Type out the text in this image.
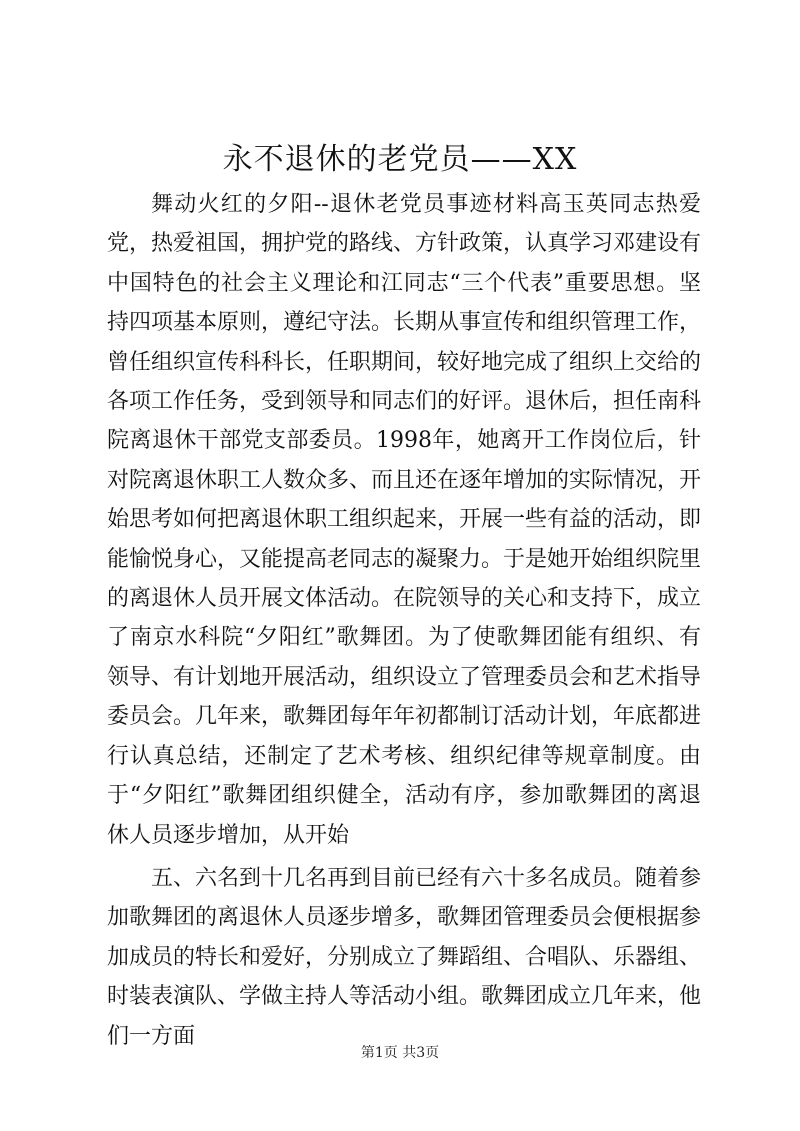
永不退休的老党员——XX

舞动火红的夕阳--退休老党员事迹材料高玉英同志热爱党，热爱祖国，拥护党的路线、方针政策，认真学习邓建设有中国特色的社会主义理论和江同志“三个代表”重要思想。坚持四项基本原则，遵纪守法。长期从事宣传和组织管理工作，曾任组织宣传科科长，任职期间，较好地完成了组织上交给的各项工作任务，受到领导和同志们的好评。退休后，担任南科院离退休干部党支部委员。1998年，她离开工作岗位后，针对院离退休职工人数众多、而且还在逐年增加的实际情况，开始思考如何把离退休职工组织起来，开展一些有益的活动，即能愉悦身心，又能提高老同志的凝聚力。于是她开始组织院里的离退休人员开展文体活动。在院领导的关心和支持下，成立了南京水科院“夕阳红”歌舞团。为了使歌舞团能有组织、有领导、有计划地开展活动，组织设立了管理委员会和艺术指导委员会。几年来，歌舞团每年年初都制订活动计划，年底都进行认真总结，还制定了艺术考核、组织纪律等规章制度。由于“夕阳红”歌舞团组织健全，活动有序，参加歌舞团的离退休人员逐步增加，从开始

五、六名到十几名再到目前已经有六十多名成员。随着参加歌舞团的离退休人员逐步增多，歌舞团管理委员会便根据参加成员的特长和爱好，分别成立了舞蹈组、合唱队、乐器组、时装表演队、学做主持人等活动小组。歌舞团成立几年来，他们一方面

第1页 共3页
